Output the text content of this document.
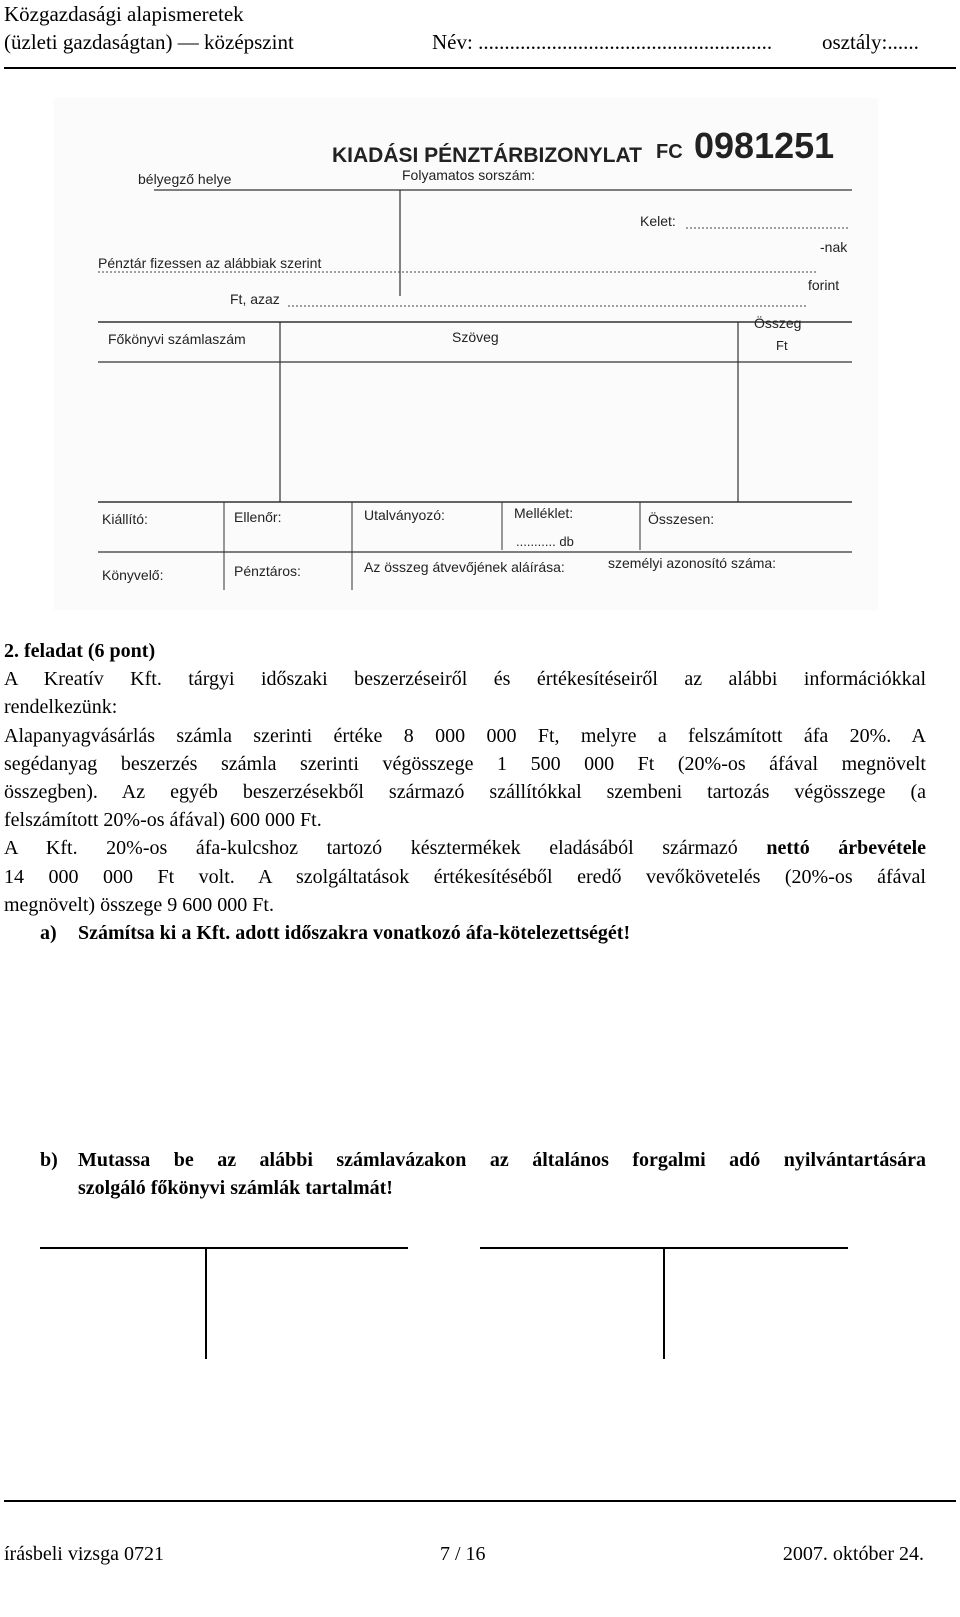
Közgazdasági alapismeretek
(üzleti gazdaságtan) — középszint	Név: ........................................................ osztály:......
KIADÁSI PÉNZTÁRBIZONYLAT FC 0981251
bélyegző helye	Folyamatos sorszám:
Kelet:
Pénztár fizessen az alábbiak szerint
-nak
Ft, azaz
forint
Főkönyvi számlaszám	Szöveg
Összeg
Ft
Kiállító:	Ellenőr:	Utalványozó:	Melléklet:
........... db
Összesen:
Könyvelő:	Pénztáros:	Az összeg átvevőjének aláírása:	személyi azonosító száma:
2. feladat (6 pont)
A Kreatív Kft. tárgyi időszaki beszerzéseiről és értékesítéseiről az alábbi információkkal
rendelkezünk:
Alapanyagvásárlás számla szerinti értéke 8 000 000 Ft, melyre a felszámított áfa 20%. A
segédanyag beszerzés számla szerinti végösszege 1 500 000 Ft (20%-os áfával megnövelt
összegben). Az egyéb beszerzésekből származó szállítókkal szembeni tartozás végösszege (a
felszámított 20%-os áfával) 600 000 Ft.
A Kft. 20%-os áfa-kulcshoz tartozó késztermékek eladásából származó nettó árbevétele
14 000 000 Ft volt. A szolgáltatások értékesítéséből eredő vevőkövetelés (20%-os áfával
megnövelt) összege 9 600 000 Ft.
a) Számítsa ki a Kft. adott időszakra vonatkozó áfa-kötelezettségét!
b) Mutassa be az alábbi számlavázakon az általános forgalmi adó nyilvántartására
szolgáló főkönyvi számlák tartalmát!
írásbeli vizsga 0721	7 / 16	2007. október 24.
